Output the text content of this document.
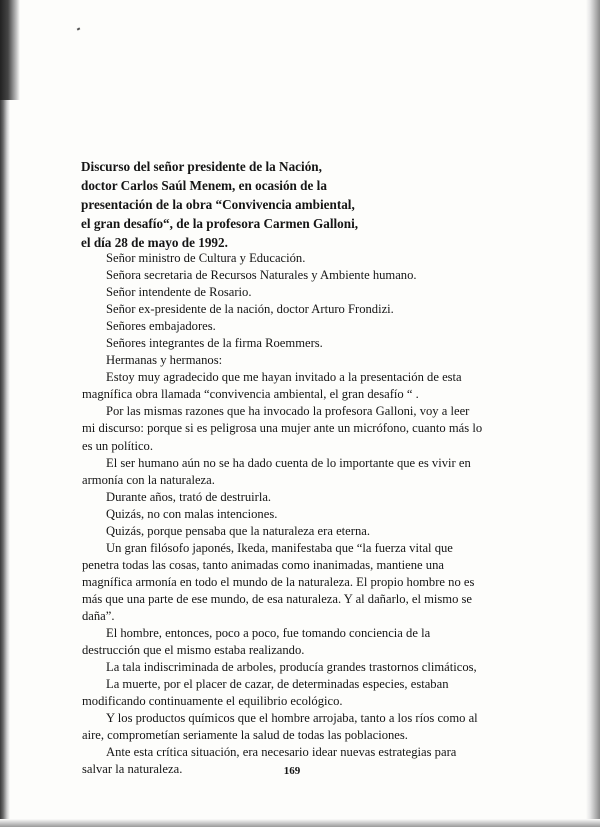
Discurso del señor presidente de la Nación,
doctor Carlos Saúl Menem, en ocasión de la
presentación de la obra “Convivencia ambiental,
el gran desafío“, de la profesora Carmen Galloni,
el día 28 de mayo de 1992.
Señor ministro de Cultura y Educación.
Señora secretaria de Recursos Naturales y Ambiente humano.
Señor intendente de Rosario.
Señor ex-presidente de la nación, doctor Arturo Frondizi.
Señores embajadores.
Señores integrantes de la firma Roemmers.
Hermanas y hermanos:
Estoy muy agradecido que me hayan invitado a la presentación de esta
magnífica obra llamada “convivencia ambiental, el gran desafío “ .
Por las mismas razones que ha invocado la profesora Galloni, voy a leer
mi discurso: porque si es peligrosa una mujer ante un micrófono, cuanto más lo
es un político.
El ser humano aún no se ha dado cuenta de lo importante que es vivir en
armonía con la naturaleza.
Durante años, trató de destruirla.
Quizás, no con malas intenciones.
Quizás, porque pensaba que la naturaleza era eterna.
Un gran filósofo japonés, Ikeda, manifestaba que “la fuerza vital que
penetra todas las cosas, tanto animadas como inanimadas, mantiene una
magnífica armonía en todo el mundo de la naturaleza. El propio hombre no es
más que una parte de ese mundo, de esa naturaleza. Y al dañarlo, el mismo se
daña”.
El hombre, entonces, poco a poco, fue tomando conciencia de la
destrucción que el mismo estaba realizando.
La tala indiscriminada de arboles, producía grandes trastornos climáticos,
La muerte, por el placer de cazar, de determinadas especies, estaban
modificando continuamente el equilibrio ecológico.
Y los productos químicos que el hombre arrojaba, tanto a los ríos como al
aire, comprometían seriamente la salud de todas las poblaciones.
Ante esta crítica situación, era necesario idear nuevas estrategias para
salvar la naturaleza.	169
